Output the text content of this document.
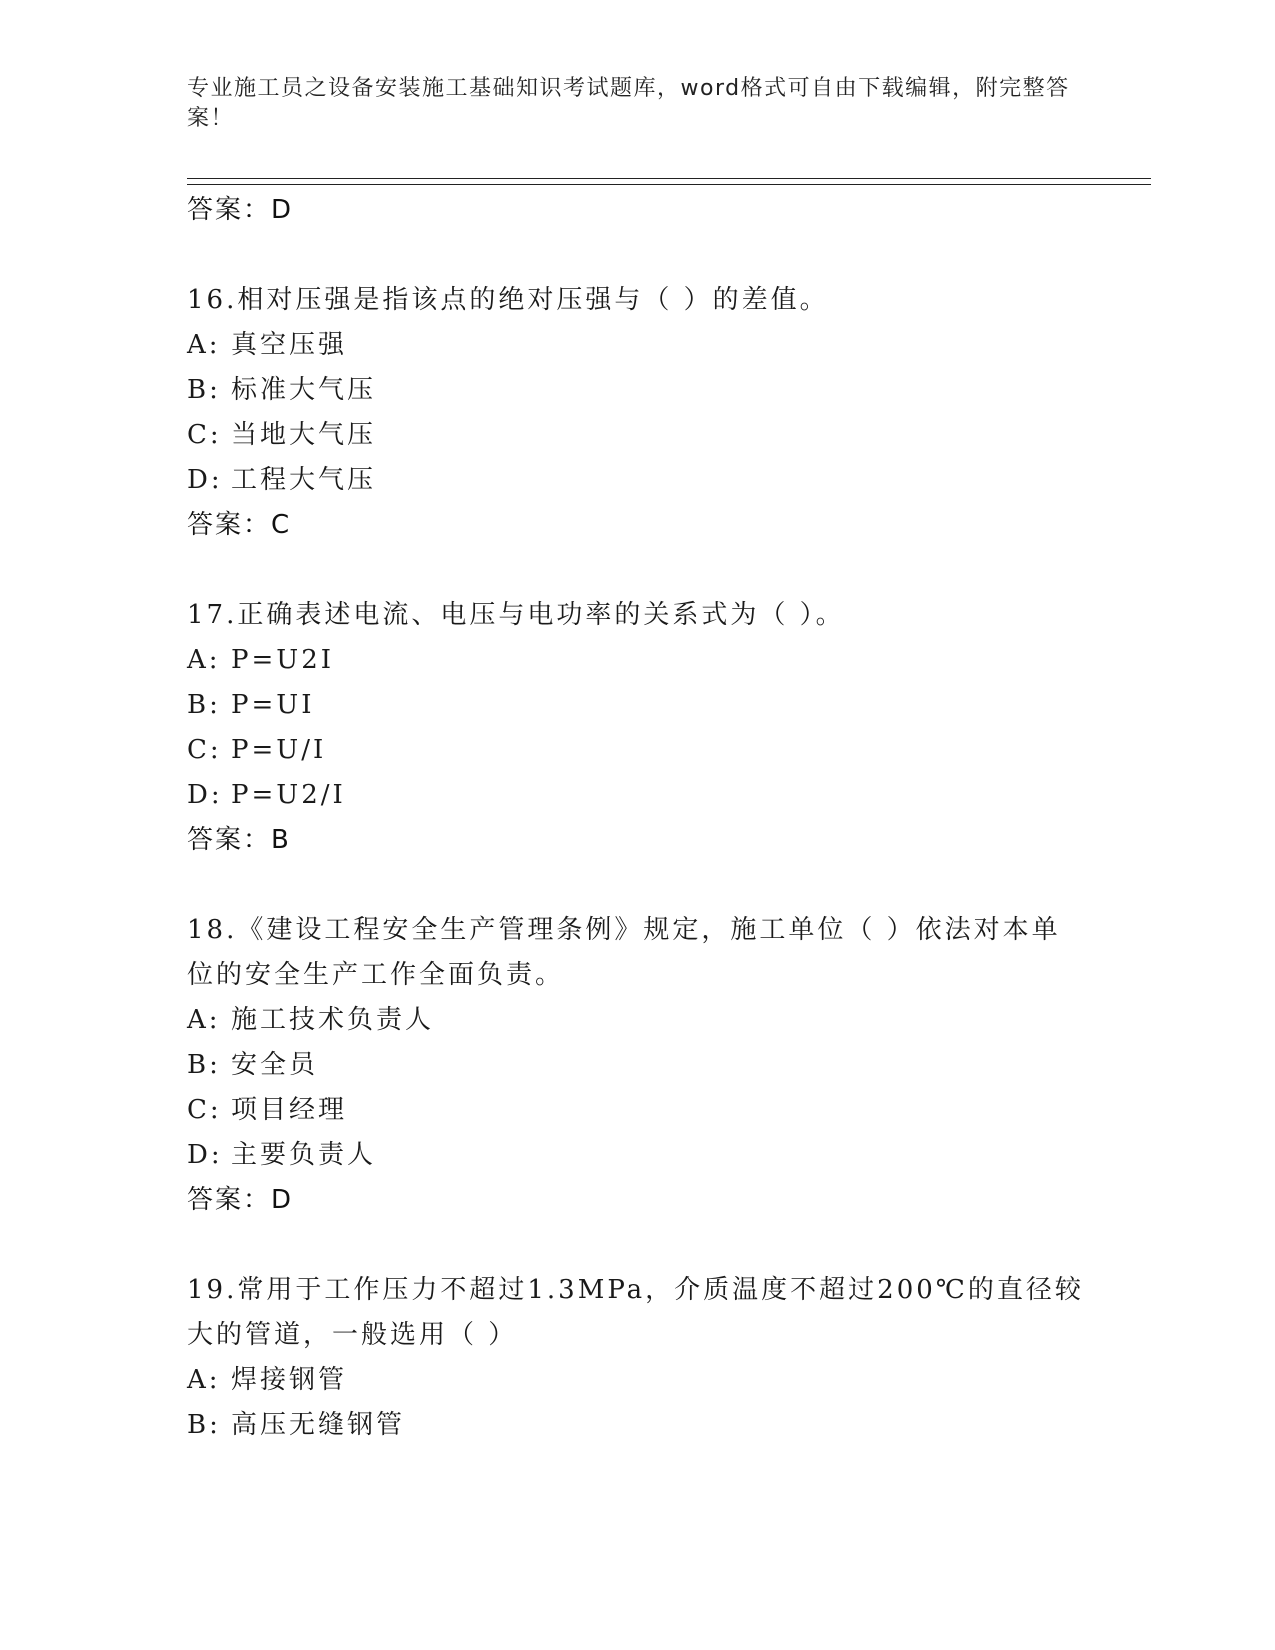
专业施工员之设备安装施工基础知识考试题库，word格式可自由下载编辑，附完整答案！
答案：D
16.相对压强是指该点的绝对压强与（ ）的差值。
A: 真空压强
B: 标准大气压
C: 当地大气压
D: 工程大气压
答案：C
17.正确表述电流、电压与电功率的关系式为（ ）。
A: P=U2I
B: P=UI
C: P=U/I
D: P=U2/I
答案：B
18.《建设工程安全生产管理条例》规定，施工单位（ ）依法对本单位的安全生产工作全面负责。
A: 施工技术负责人
B: 安全员
C: 项目经理
D: 主要负责人
答案：D
19.常用于工作压力不超过1.3MPa，介质温度不超过200℃的直径较大的管道，一般选用（ ）
A: 焊接钢管
B: 高压无缝钢管
